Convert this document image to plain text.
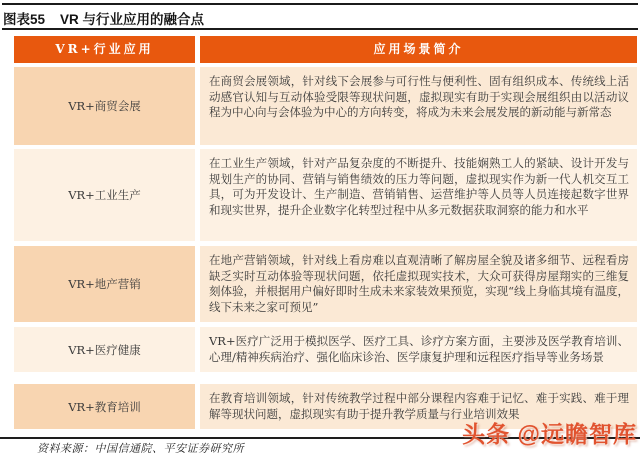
图表55 VR 与行业应用的融合点
VR+行业应用	应用场景简介
VR+商贸会展
在商贸会展领域，针对线下会展参与可行性与便利性、固有组织成本、传统线上活动感官认知与互动体验受限等现状问题，虚拟现实有助于实现会展组织由以活动议程为中心向与会体验为中心的方向转变，将成为未来会展发展的新动能与新常态
VR+工业生产
在工业生产领域，针对产品复杂度的不断提升、技能娴熟工人的紧缺、设计开发与规划生产的协同、营销与销售绩效的压力等问题，虚拟现实作为新一代人机交互工具，可为开发设计、生产制造、营销销售、运营维护等人员等人员连接起数字世界和现实世界，提升企业数字化转型过程中从多元数据获取洞察的能力和水平
VR+地产营销
在地产营销领域，针对线上看房难以直观清晰了解房屋全貌及诸多细节、远程看房缺乏实时互动体验等现状问题，依托虚拟现实技术，大众可获得房屋翔实的三维复刻体验，并根据用户偏好即时生成未来家装效果预览，实现“线上身临其境有温度，线下未来之家可预见”
VR+医疗健康
VR+医疗广泛用于模拟医学、医疗工具、诊疗方案方面，主要涉及医学教育培训、心理/精神疾病治疗、强化临床诊治、医学康复护理和远程医疗指导等业务场景
VR+教育培训
在教育培训领域，针对传统教学过程中部分课程内容难于记忆、难于实践、难于理解等现状问题，虚拟现实有助于提升教学质量与行业培训效果
资料来源：中国信通院、平安证券研究所
头条 @远瞻智库
